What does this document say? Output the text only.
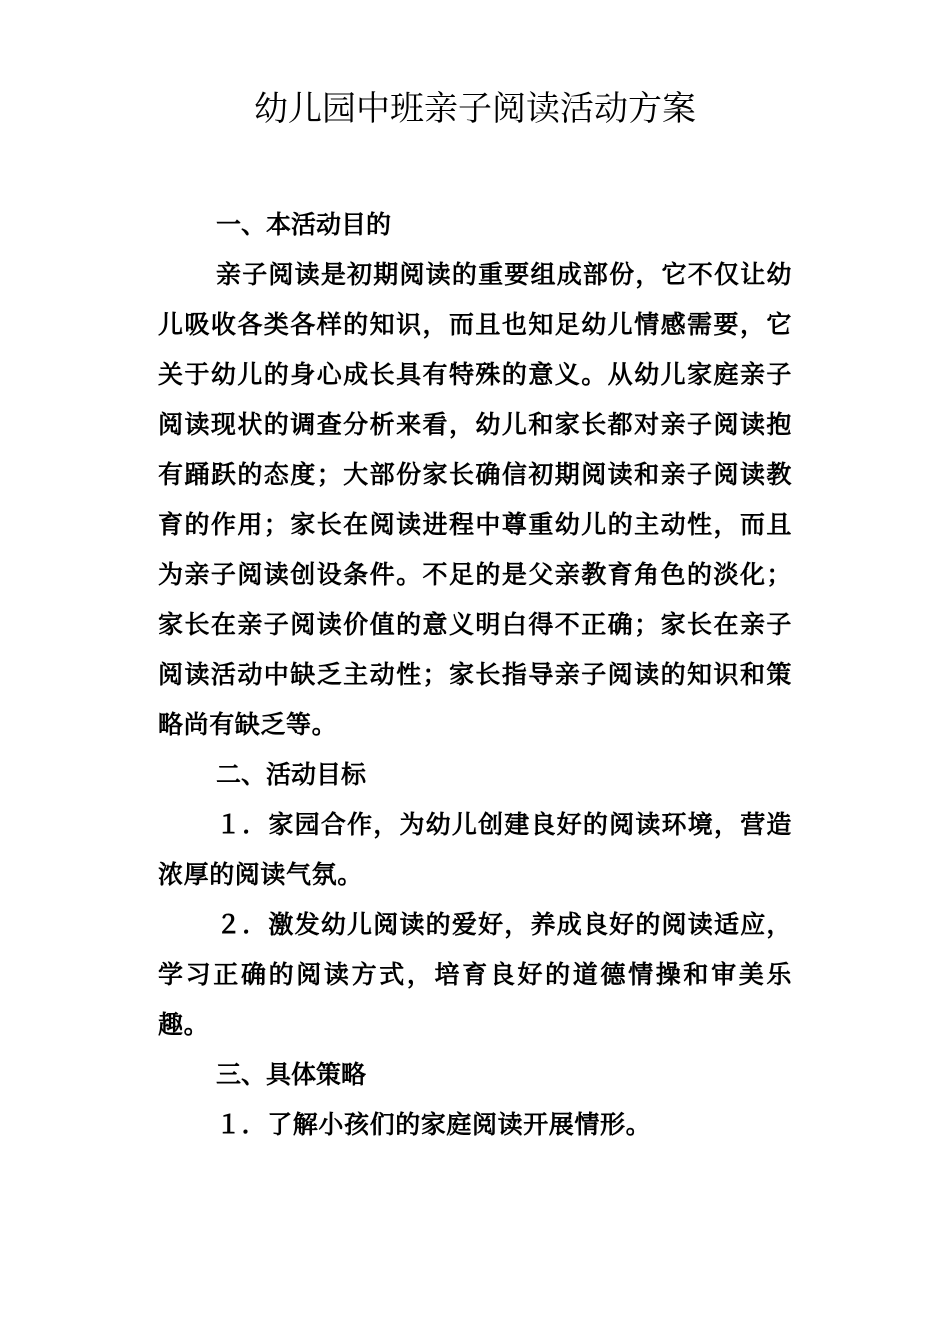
幼儿园中班亲子阅读活动方案

一、本活动目的

亲子阅读是初期阅读的重要组成部份，它不仅让幼儿吸收各类各样的知识，而且也知足幼儿情感需要，它关于幼儿的身心成长具有特殊的意义。从幼儿家庭亲子阅读现状的调查分析来看，幼儿和家长都对亲子阅读抱有踊跃的态度；大部份家长确信初期阅读和亲子阅读教育的作用；家长在阅读进程中尊重幼儿的主动性，而且为亲子阅读创设条件。不足的是父亲教育角色的淡化；家长在亲子阅读价值的意义明白得不正确；家长在亲子阅读活动中缺乏主动性；家长指导亲子阅读的知识和策略尚有缺乏等。

二、活动目标

１．家园合作，为幼儿创建良好的阅读环境，营造浓厚的阅读气氛。

２．激发幼儿阅读的爱好，养成良好的阅读适应，学习正确的阅读方式，培育良好的道德情操和审美乐趣。

三、具体策略

１．了解小孩们的家庭阅读开展情形。
